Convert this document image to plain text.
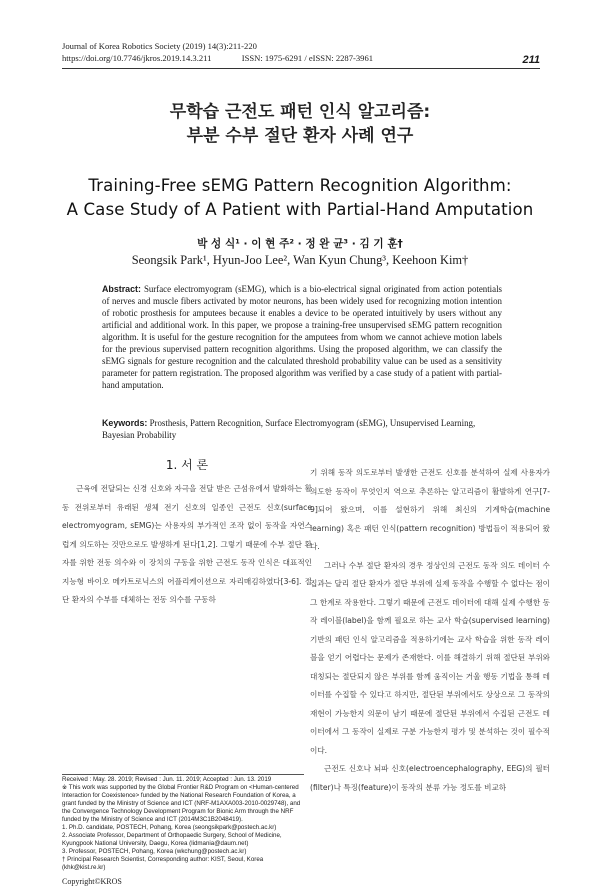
Journal of Korea Robotics Society (2019) 14(3):211-220
https://doi.org/10.7746/jkros.2019.14.3.211	ISSN: 1975-6291 / eISSN: 2287-3961	211
무학습 근전도 패턴 인식 알고리즘:
부분 수부 절단 환자 사례 연구
Training-Free sEMG Pattern Recognition Algorithm:
A Case Study of A Patient with Partial-Hand Amputation
박 성 식¹ · 이 현 주² · 정 완 균³ · 김 기 훈†
Seongsik Park¹, Hyun-Joo Lee², Wan Kyun Chung³, Keehoon Kim†
Abstract: Surface electromyogram (sEMG), which is a bio-electrical signal originated from action potentials of nerves and muscle fibers activated by motor neurons, has been widely used for recognizing motion intention of robotic prosthesis for amputees because it enables a device to be operated intuitively by users without any artificial and additional work. In this paper, we propose a training-free unsupervised sEMG pattern recognition algorithm. It is useful for the gesture recognition for the amputees from whom we cannot achieve motion labels for the previous supervised pattern recognition algorithms. Using the proposed algorithm, we can classify the sEMG signals for gesture recognition and the calculated threshold probability value can be used as a sensitivity parameter for pattern registration. The proposed algorithm was verified by a case study of a patient with partial-hand amputation.
Keywords: Prosthesis, Pattern Recognition, Surface Electromyogram (sEMG), Unsupervised Learning, Bayesian Probability
1. 서 론

근육에 전달되는 신경 신호와 자극을 전달 받은 근섬유에서 발화하는 활동 전위로부터 유래된 생체 전기 신호의 일종인 근전도 신호(surface electromyogram, sEMG)는 사용자의 부가적인 조작 없이 동작을 자연스럽게 의도하는 것만으로도 발생하게 된다[1,2]. 그렇기 때문에 수부 절단 환자를 위한 전동 의수와 이 장치의 구동을 위한 근전도 동작 인식은 대표적인 지능형 바이오 메카트로닉스의 어플리케이션으로 자리매김하였다[3-6]. 절단 환자의 수부를 대체하는 전동 의수를 구동하

기 위해 동작 의도로부터 발생한 근전도 신호를 분석하여 실제 사용자가 의도한 동작이 무엇인지 역으로 추론하는 알고리즘이 활발하게 연구[7-9]되어 왔으며, 이를 설현하기 위해 최신의 기계학습(machine learning) 혹은 패턴 인식(pattern recognition) 방법들이 적용되어 왔다.

그러나 수부 절단 환자의 경우 정상인의 근전도 동작 의도 데이터 수집과는 달리 절단 환자가 절단 부위에 실제 동작을 수행할 수 없다는 점이 그 한계로 작용한다. 그렇기 때문에 근전도 데이터에 대해 실제 수행한 동작 레이블(label)을 함께 필요로 하는 교사 학습(supervised learning) 기반의 패턴 인식 알고리즘을 적용하기에는 교사 학습을 위한 동작 레이블을 얻기 어렵다는 문제가 존재한다. 이를 해결하기 위해 절단된 부위와 대칭되는 절단되지 않은 부위를 함께 움직이는 거울 행동 기법을 통해 데이터를 수집할 수 있다고 하지만, 절단된 부위에서도 상상으로 그 동작의 재현이 가능한지 의문이 남기 때문에 절단된 부위에서 수집된 근전도 데이터에서 그 동작이 실제로 구분 가능한지 평가 및 분석하는 것이 필수적이다.

근전도 신호나 뇌파 신호(electroencephalography, EEG)의 필터(filter)나 특징(feature)이 동작의 분류 가능 정도를 비교하

Received : May. 28. 2019; Revised : Jun. 11. 2019; Accepted : Jun. 13. 2019
※ This work was supported by the Global Frontier R&D Program on <Human-centered Interaction for Coexistence> funded by the National Research Foundation of Korea, a grant funded by the Ministry of Science and ICT (NRF-M1AXA003-2010-0029748), and the Convergence Technology Development Program for Bionic Arm through the NRF funded by the Ministry of Science and ICT (2014M3C1B2048419).
1. Ph.D. candidate, POSTECH, Pohang, Korea (seongsikpark@postech.ac.kr)
2. Associate Professor, Department of Orthopaedic Surgery, School of Medicine, Kyungpook National University, Daegu, Korea (lidmania@daum.net)
3. Professor, POSTECH, Pohang, Korea (wkchung@postech.ac.kr)
† Principal Research Scientist, Corresponding author: KIST, Seoul, Korea (khk@kist.re.kr)
Copyright©KROS
